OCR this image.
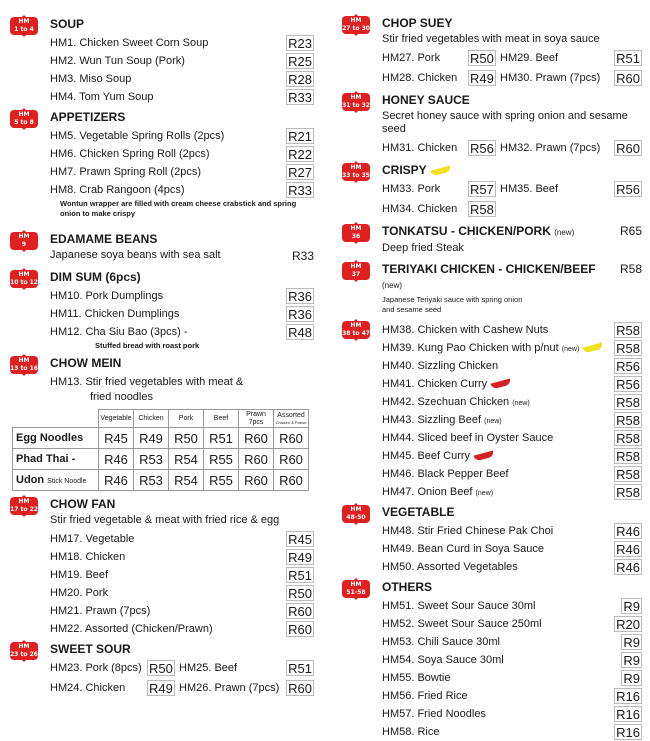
HM
1 to 4	SOUP
HM1. Chicken Sweet Corn Soup	R23
HM2. Wun Tun Soup (Pork)	R25
HM3. Miso Soup	R28
HM4. Tom Yum Soup	R33
HM
5 to 8	APPETIZERS
HM5. Vegetable Spring Rolls (2pcs)	R21
HM6. Chicken Spring Roll (2pcs)	R22
HM7. Prawn Spring Roll (2pcs)	R27
HM8. Crab Rangoon (4pcs)	R33
Wontun wrapper are filled with cream cheese crabstick and spring onion to make crispy
HM
9	EDAMAME BEANS
Japanese soya beans with sea salt	R33
HM
10 to 12 DIM SUM (6pcs)
HM10. Pork Dumplings	R36
HM11. Chicken Dumplings	R36
HM12. Cha Siu Bao (3pcs) -	R48
Stuffed bread with roast pork
HM
13 to 16 CHOW MEIN
HM13. Stir fried vegetables with meat &
fried noodles

	Vegetable	Chicken	Pork	Beef	Prawn 7pcs	Assorted
Chicken & Prawn

Egg Noodles	R45	R49	R50	R51	R60	R60
Phad Thai -	R46	R53	R54	R55	R60	R60
Udon Stick Noodle	R46	R53	R54	R55	R60	R60
HM
17 to 22 CHOW FAN
Stir fried vegetable & meat with fried rice & egg
HM17. Vegetable	R45
HM18. Chicken	R49
HM19. Beef	R51
HM20. Pork	R50
HM21. Prawn (7pcs)	R60
HM22. Assorted (Chicken/Prawn)	R60
HM
23 to 26 SWEET SOUR
HM23. Pork (8pcs) R50 HM25. Beef	R51
HM24. Chicken R49 HM26. Prawn (7pcs) R60
HM
27 to 30 CHOP SUEY
Stir fried vegetables with meat in soya sauce
HM27. Pork R50 HM29. Beef	R51
HM28. Chicken R49 HM30. Prawn (7pcs) R60
HM
31 to 32 HONEY SAUCE
Secret honey sauce with spring onion and sesame seed
HM31. Chicken R56 HM32. Prawn (7pcs) R60
HM
33 to 35 CRISPY
HM33. Pork R57 HM35. Beef	R56
HM34. Chicken R58
HM
36	TONKATSU - CHICKEN/PORK (new)	R65
Deep fried Steak
HM
37	TERIYAKI CHICKEN - CHICKEN/BEEF (new)
R58
Japanese Teriyaki sauce with spring onion and sesame seed
HM
38 to 47 HM38. Chicken with Cashew Nuts	R58
HM39. Kung Pao Chicken with p/nut (new)	R58
HM40. Sizzling Chicken	R56
HM41. Chicken Curry	R56
HM42. Szechuan Chicken (new)	R58
HM43. Sizzling Beef (new)	R58
HM44. Sliced beef in Oyster Sauce	R58
HM45. Beef Curry	R58
HM46. Black Pepper Beef	R58
HM47. Onion Beef (new)	R58
HM
48-50	VEGETABLE
HM48. Stir Fried Chinese Pak Choi	R46
HM49. Bean Curd in Soya Sauce	R46
HM50. Assorted Vegetables	R46
HM
51-58	OTHERS
HM51. Sweet Sour Sauce 30ml	R9
HM52. Sweet Sour Sauce 250ml	R20
HM53. Chili Sauce 30ml	R9
HM54. Soya Sauce 30ml	R9
HM55. Bowtie	R9
HM56. Fried Rice	R16
HM57. Fried Noodles	R16
HM58. Rice	R16
